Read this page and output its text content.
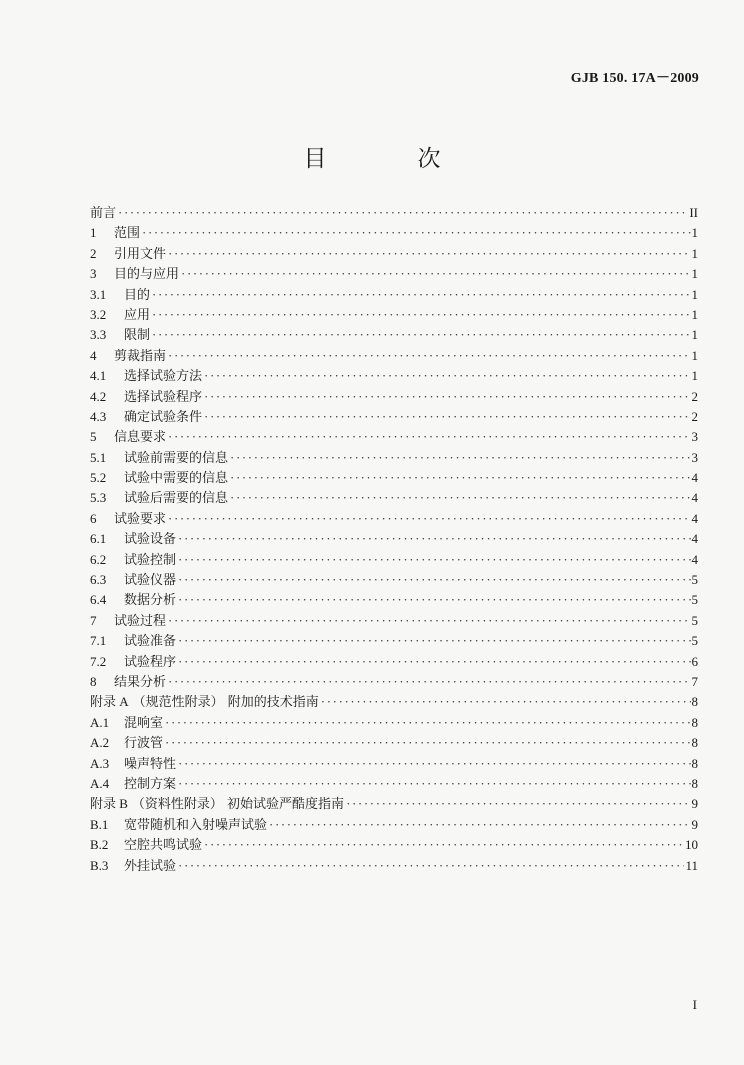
GJB 150. 17A－2009
目　次
前言 ·····	II
1 范围 ·····	1
2 引用文件 ·····	1
3 目的与应用 ·····	1
3.1 目的 ·····	1
3.2 应用 ·····	1
3.3 限制 ·····	1
4 剪裁指南 ·····	1
4.1 选择试验方法 ·····	1
4.2 选择试验程序 ·····	2
4.3 确定试验条件 ·····	2
5 信息要求 ·····	3
5.1 试验前需要的信息 ·····	3
5.2 试验中需要的信息 ·····	4
5.3 试验后需要的信息 ·····	4
6 试验要求 ·····	4
6.1 试验设备 ·····	4
6.2 试验控制 ·····	4
6.3 试验仪器 ·····	5
6.4 数据分析 ·····	5
7 试验过程 ·····	5
7.1 试验准备 ·····	5
7.2 试验程序 ·····	6
8 结果分析 ·····	7
附录 A （规范性附录） 附加的技术指南 ·····	8
A.1 混响室 ·····	8
A.2 行波管 ·····	8
A.3 噪声特性 ·····	8
A.4 控制方案 ·····	8
附录 B （资料性附录） 初始试验严酷度指南 ·····	9
B.1 宽带随机和入射噪声试验 ·····	9
B.2 空腔共鸣试验 ·····	10
B.3 外挂试验 ·····	11
I
